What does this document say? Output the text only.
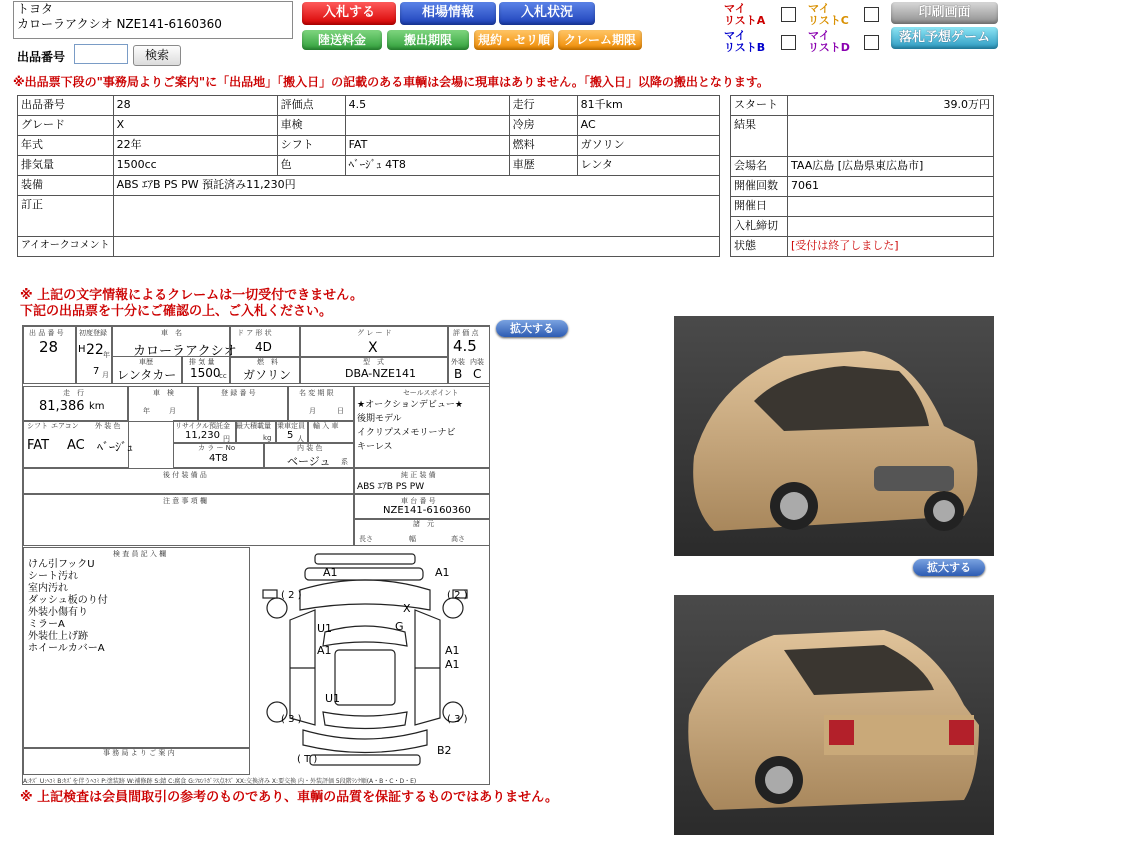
トヨタ
カローラアクシオ NZE141-6160360
出品番号	検索
入札する	相場情報	入札状況
陸送料金	搬出期限	規約・セリ順	クレーム期限
マイ
リストA
マイ
リストC
マイ
リストB
マイ
リストD
印刷画面
落札予想ゲーム
※出品票下段の"事務局よりご案内"に「出品地」「搬入日」の記載のある車輌は会場に現車はありません。「搬入日」以降の搬出となります。
出品番号	28	評価点	4.5	走行	81千km
グレード	X	車検		冷房	AC
年式	22年	シフト	FAT	燃料	ガソリン
排気量	1500cc	色	ﾍﾞｰｼﾞｭ 4T8	車歴	レンタ
装備	ABS ｴｱB PS PW 預託済み11,230円				
訂正					
アイオークコメント					
スタート	39.0万円
結果	
会場名	TAA広島 [広島県東広島市]
開催回数	7061
開催日	
入札締切	
状態	[受付は終了しました]
※ 上記の文字情報によるクレームは一切受付できません。
下記の出品票を十分にご確認の上、ご入札ください。
拡大する
拡大する
出 品 番 号
28
初度登録
H 22 年
7 月
車　名
カローラアクシオ
ド ア 形 状
4D
グ レ ー ド
X
評 価 点
4.5
外装 内装
B C
車歴
レンタカー
排 気 量
1500
cc
燃　料
ガソリン
型　式
DBA-NZE141
走　行
81,386 km
車　検
年	月
登 録 番 号	名 変 期 限
月	日
シフト エアコン 外 装 色
FAT AC ﾍﾞｰｼﾞｭ
リサイクル預託金
11,230 円
最大積載量
kg
乗車定員
5 人
輸 入 車
カ ラ ー No
4T8
内 装 色
ベージュ 系
セールスポイント
★オークションデビュー★
後期モデル
イクリプスメモリーナビ
キーレス
後 付 装 備 品	純 正 装 備
ABS ｴｱB PS PW
注 意 事 項 欄	車 台 番 号
NZE141-6160360
諸　元
長さ	幅	高さ
検 査 員 記 入 欄
けん引フックU
シート汚れ
室内汚れ
ダッシュ板のり付
外装小傷有り
ミラーA
外装仕上げ跡
ホイールカバーA
事 務 局 よ り ご 案 内
A1	A1
( 2 )	( 2 )
X
U1	G
A1	A1
A1
U1
( 3 )	( 3 )
( T )
B2
A:ｷｽﾞ U:ﾍｺﾐ B:ｷｽﾞを伴うﾍｺﾐ P:塗装跡 W:補修跡 S:錆 C:腐食 G:ﾌﾛﾝﾄｶﾞﾗｽ点ｷｽﾞ XX:交換済み X:要交換 内・外装評価 5段階ﾗﾝｸ順(A・B・C・D・E)
※ 上記検査は会員間取引の参考のものであり、車輌の品質を保証するものではありません。
